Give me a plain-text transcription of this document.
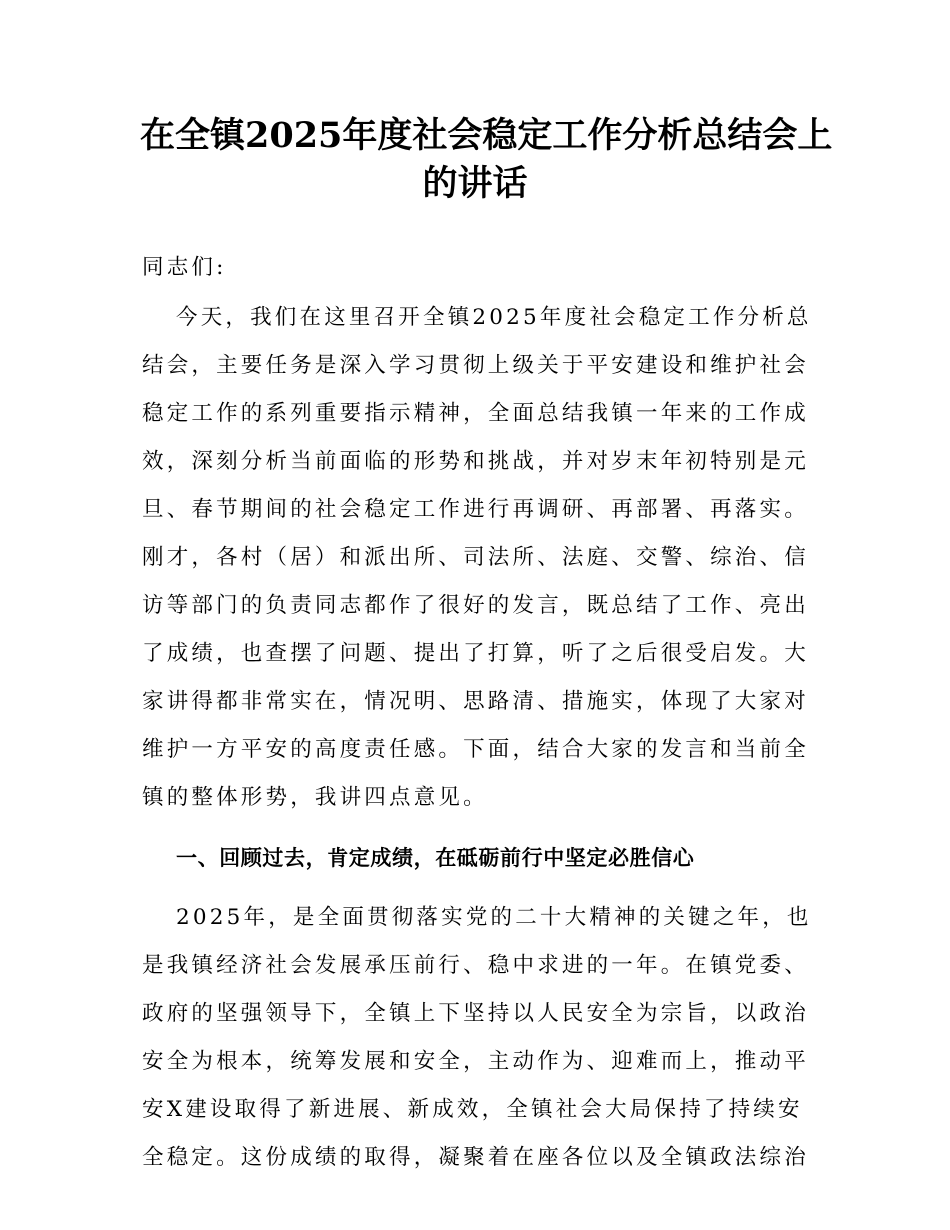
在全镇2025年度社会稳定工作分析总结会上
的讲话
同志们:
今天，我们在这里召开全镇2025年度社会稳定工作分析总
结会，主要任务是深入学习贯彻上级关于平安建设和维护社会
稳定工作的系列重要指示精神，全面总结我镇一年来的工作成
效，深刻分析当前面临的形势和挑战，并对岁末年初特别是元
旦、春节期间的社会稳定工作进行再调研、再部署、再落实。
刚才，各村（居）和派出所、司法所、法庭、交警、综治、信
访等部门的负责同志都作了很好的发言，既总结了工作、亮出
了成绩，也查摆了问题、提出了打算，听了之后很受启发。大
家讲得都非常实在，情况明、思路清、措施实，体现了大家对
维护一方平安的高度责任感。下面，结合大家的发言和当前全
镇的整体形势，我讲四点意见。
一、回顾过去，肯定成绩，在砥砺前行中坚定必胜信心
2025年，是全面贯彻落实党的二十大精神的关键之年，也
是我镇经济社会发展承压前行、稳中求进的一年。在镇党委、
政府的坚强领导下，全镇上下坚持以人民安全为宗旨，以政治
安全为根本，统筹发展和安全，主动作为、迎难而上，推动平
安X建设取得了新进展、新成效，全镇社会大局保持了持续安
全稳定。这份成绩的取得，凝聚着在座各位以及全镇政法综治
